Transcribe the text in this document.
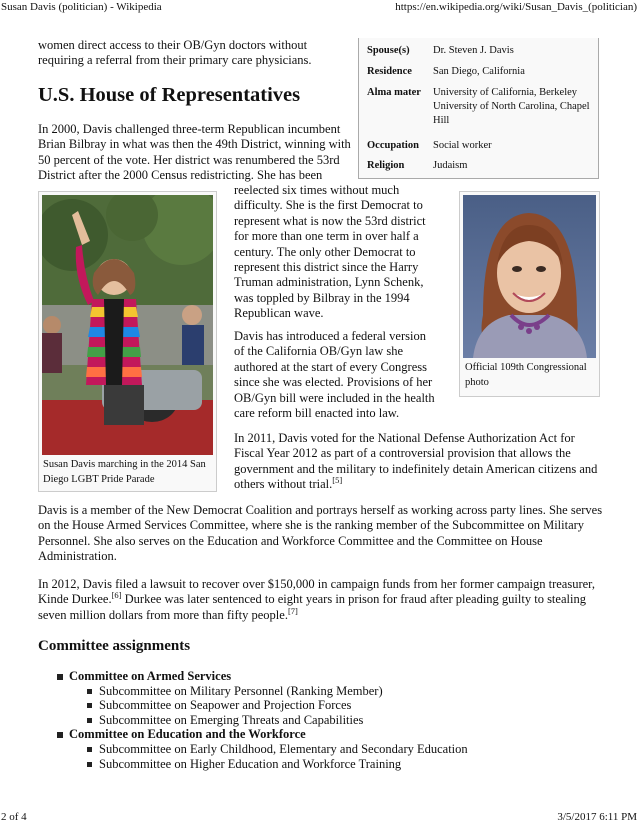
Susan Davis (politician) - Wikipedia	https://en.wikipedia.org/wiki/Susan_Davis_(politician)
2 of 4	3/5/2017 6:11 PM
women direct access to their OB/Gyn doctors without requiring a referral from their primary care physicians.
U.S. House of Representatives
In 2000, Davis challenged three-term Republican incumbent
Brian Bilbray in what was then the 49th District, winning with
50 percent of the vote. Her district was renumbered the 53rd
District after the 2000 Census redistricting. She has been
reelected six times without much difficulty. She is the first Democrat to represent what is now the 53rd district for more than one term in over half a century. The only other Democrat to represent this district since the Harry Truman administration, Lynn Schenk, was toppled by Bilbray in the 1994 Republican wave.
Davis has introduced a federal version of the California OB/Gyn law she authored at the start of every Congress since she was elected. Provisions of her OB/Gyn bill were included in the health care reform bill enacted into law.
In 2011, Davis voted for the National Defense Authorization Act for Fiscal Year 2012 as part of a controversial provision that allows the government and the military to indefinitely detain American citizens and others without trial.[5]
Davis is a member of the New Democrat Coalition and portrays herself as working across party lines. She serves on the House Armed Services Committee, where she is the ranking member of the Subcommittee on Military Personnel. She also serves on the Education and Workforce Committee and the Committee on House Administration.
In 2012, Davis filed a lawsuit to recover over $150,000 in campaign funds from her former campaign treasurer, Kinde Durkee.[6] Durkee was later sentenced to eight years in prison for fraud after pleading guilty to stealing seven million dollars from more than fifty people.[7]
Spouse(s) Dr. Steven J. Davis
Residence San Diego, California
Alma mater University of California, Berkeley
University of North Carolina, Chapel Hill
Occupation Social worker
Religion	Judaism
Susan Davis marching in the 2014 San Diego LGBT Pride Parade
Official 109th Congressional photo
Committee assignments
Committee on Armed Services
Subcommittee on Military Personnel (Ranking Member)
Subcommittee on Seapower and Projection Forces
Subcommittee on Emerging Threats and Capabilities
Committee on Education and the Workforce
Subcommittee on Early Childhood, Elementary and Secondary Education
Subcommittee on Higher Education and Workforce Training
